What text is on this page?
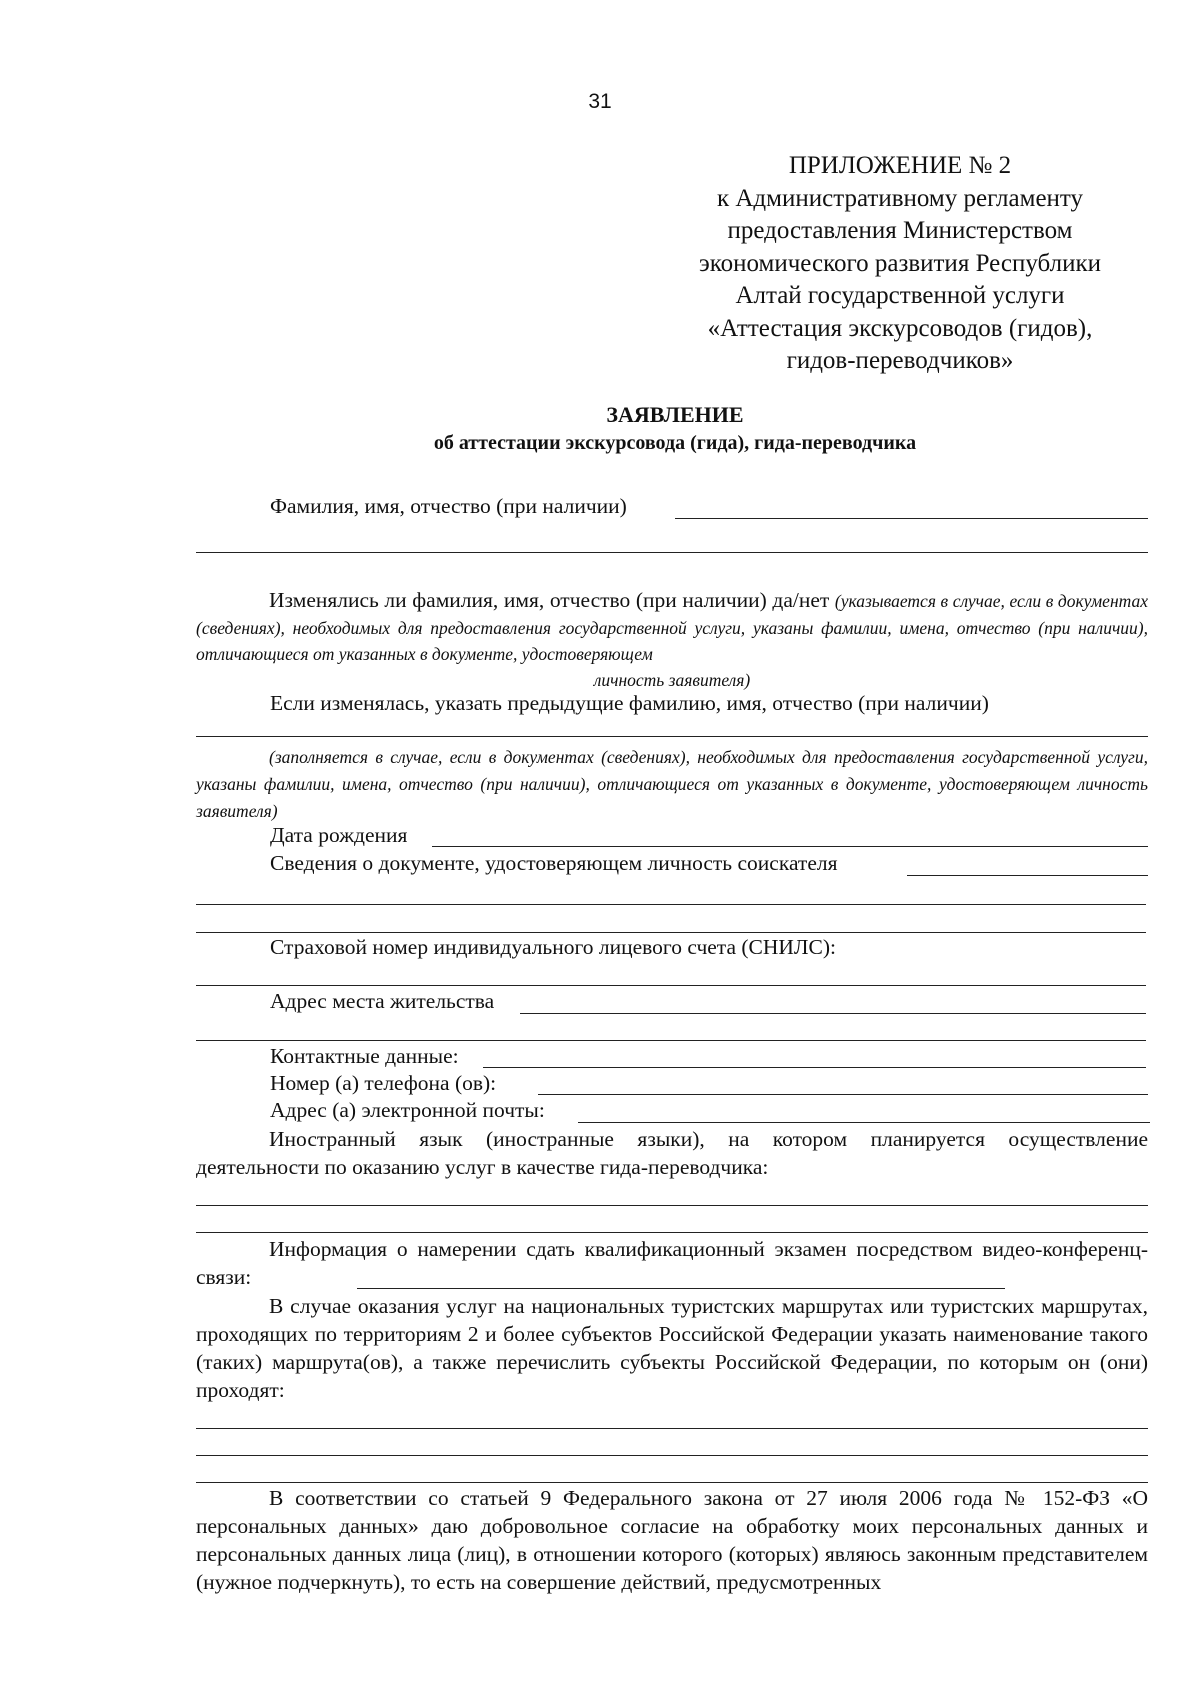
31
ПРИЛОЖЕНИЕ № 2
к Административному регламенту
предоставления Министерством
экономического развития Республики
Алтай государственной услуги
«Аттестация экскурсоводов (гидов),
гидов-переводчиков»
ЗАЯВЛЕНИЕ
об аттестации экскурсовода (гида), гида-переводчика
Фамилия, имя, отчество (при наличии)
Изменялись ли фамилия, имя, отчество (при наличии) да/нет (указывается в случае, если в документах (сведениях), необходимых для предоставления государственной услуги, указаны фамилии, имена, отчество (при наличии), отличающиеся от указанных в документе, удостоверяющем
личность заявителя)
Если изменялась, указать предыдущие фамилию, имя, отчество (при наличии)
(заполняется в случае, если в документах (сведениях), необходимых для предоставления государственной услуги, указаны фамилии, имена, отчество (при наличии), отличающиеся от указанных в документе, удостоверяющем личность заявителя)
Дата рождения
Сведения о документе, удостоверяющем личность соискателя
Страховой номер индивидуального лицевого счета (СНИЛС):
Адрес места жительства
Контактные данные:
Номер (а) телефона (ов):
Адрес (а) электронной почты:
Иностранный язык (иностранные языки), на котором планируется осуществление деятельности по оказанию услуг в качестве гида-переводчика:
Информация о намерении сдать квалификационный экзамен посредством видео-конференц-связи:
В случае оказания услуг на национальных туристских маршрутах или туристских маршрутах, проходящих по территориям 2 и более субъектов Российской Федерации указать наименование такого (таких) маршрута(ов), а также перечислить субъекты Российской Федерации, по которым он (они) проходят:
В соответствии со статьей 9 Федерального закона от 27 июля 2006 года № 152-ФЗ «О персональных данных» даю добровольное согласие на обработку моих персональных данных и персональных данных лица (лиц), в отношении которого (которых) являюсь законным представителем (нужное подчеркнуть), то есть на совершение действий, предусмотренных
